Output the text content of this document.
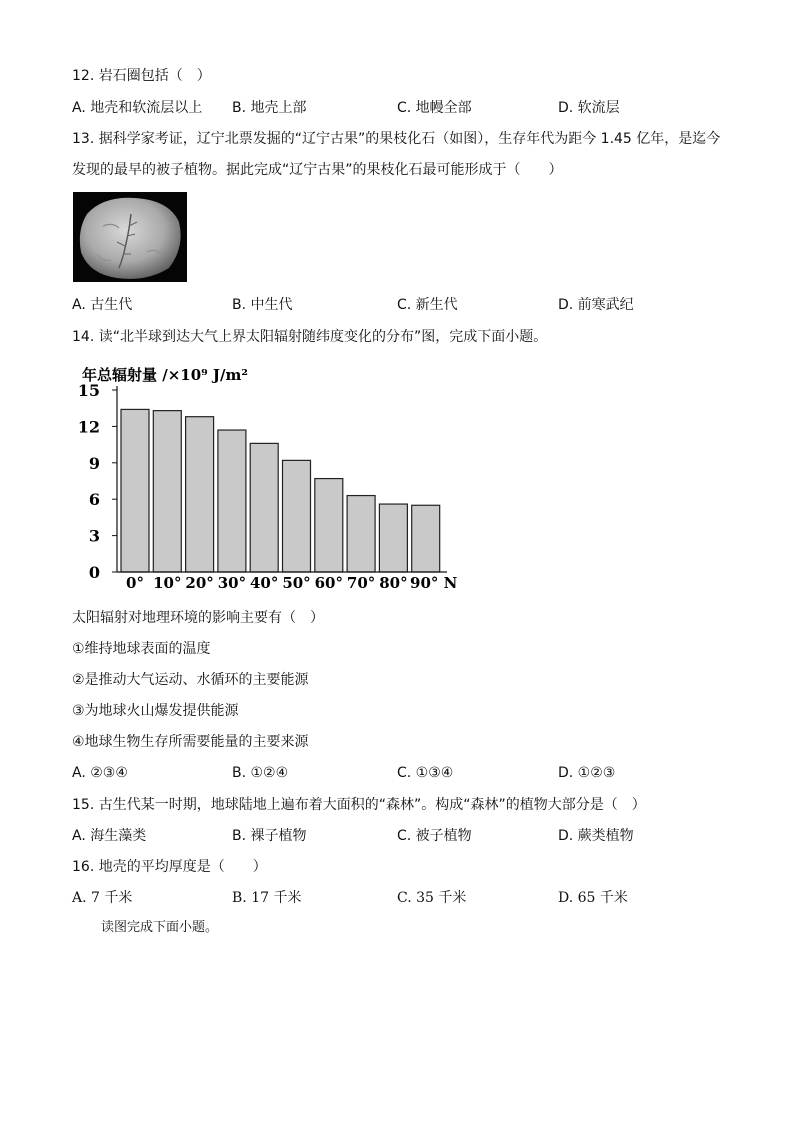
12. 岩石圈包括（　）
A. 地壳和软流层以上 B. 地壳上部	C. 地幔全部	D. 软流层
13. 据科学家考证，辽宁北票发掘的“辽宁古果”的果枝化石（如图），生存年代为距今 1.45 亿年，是迄今
发现的最早的被子植物。据此完成“辽宁古果”的果枝化石最可能形成于（　　）
A. 古生代	B. 中生代	C. 新生代	D. 前寒武纪
14. 读“北半球到达大气上界太阳辐射随纬度变化的分布”图，完成下面小题。
年总辐射量 /×10⁹ J/m²
0
3
6
9
12
15
0° 10° 20° 30° 40° 50° 60° 70° 80° 90° N
太阳辐射对地理环境的影响主要有（　）
①维持地球表面的温度
②是推动大气运动、水循环的主要能源
③为地球火山爆发提供能源
④地球生物生存所需要能量的主要来源
A. ②③④	B. ①②④	C. ①③④	D. ①②③
15. 古生代某一时期，地球陆地上遍布着大面积的“森林”。构成“森林”的植物大部分是（　）
A. 海生藻类	B. 裸子植物	C. 被子植物	D. 蕨类植物
16. 地壳的平均厚度是（　　）
A. 7 千米	B. 17 千米	C. 35 千米	D. 65 千米
读图完成下面小题。
